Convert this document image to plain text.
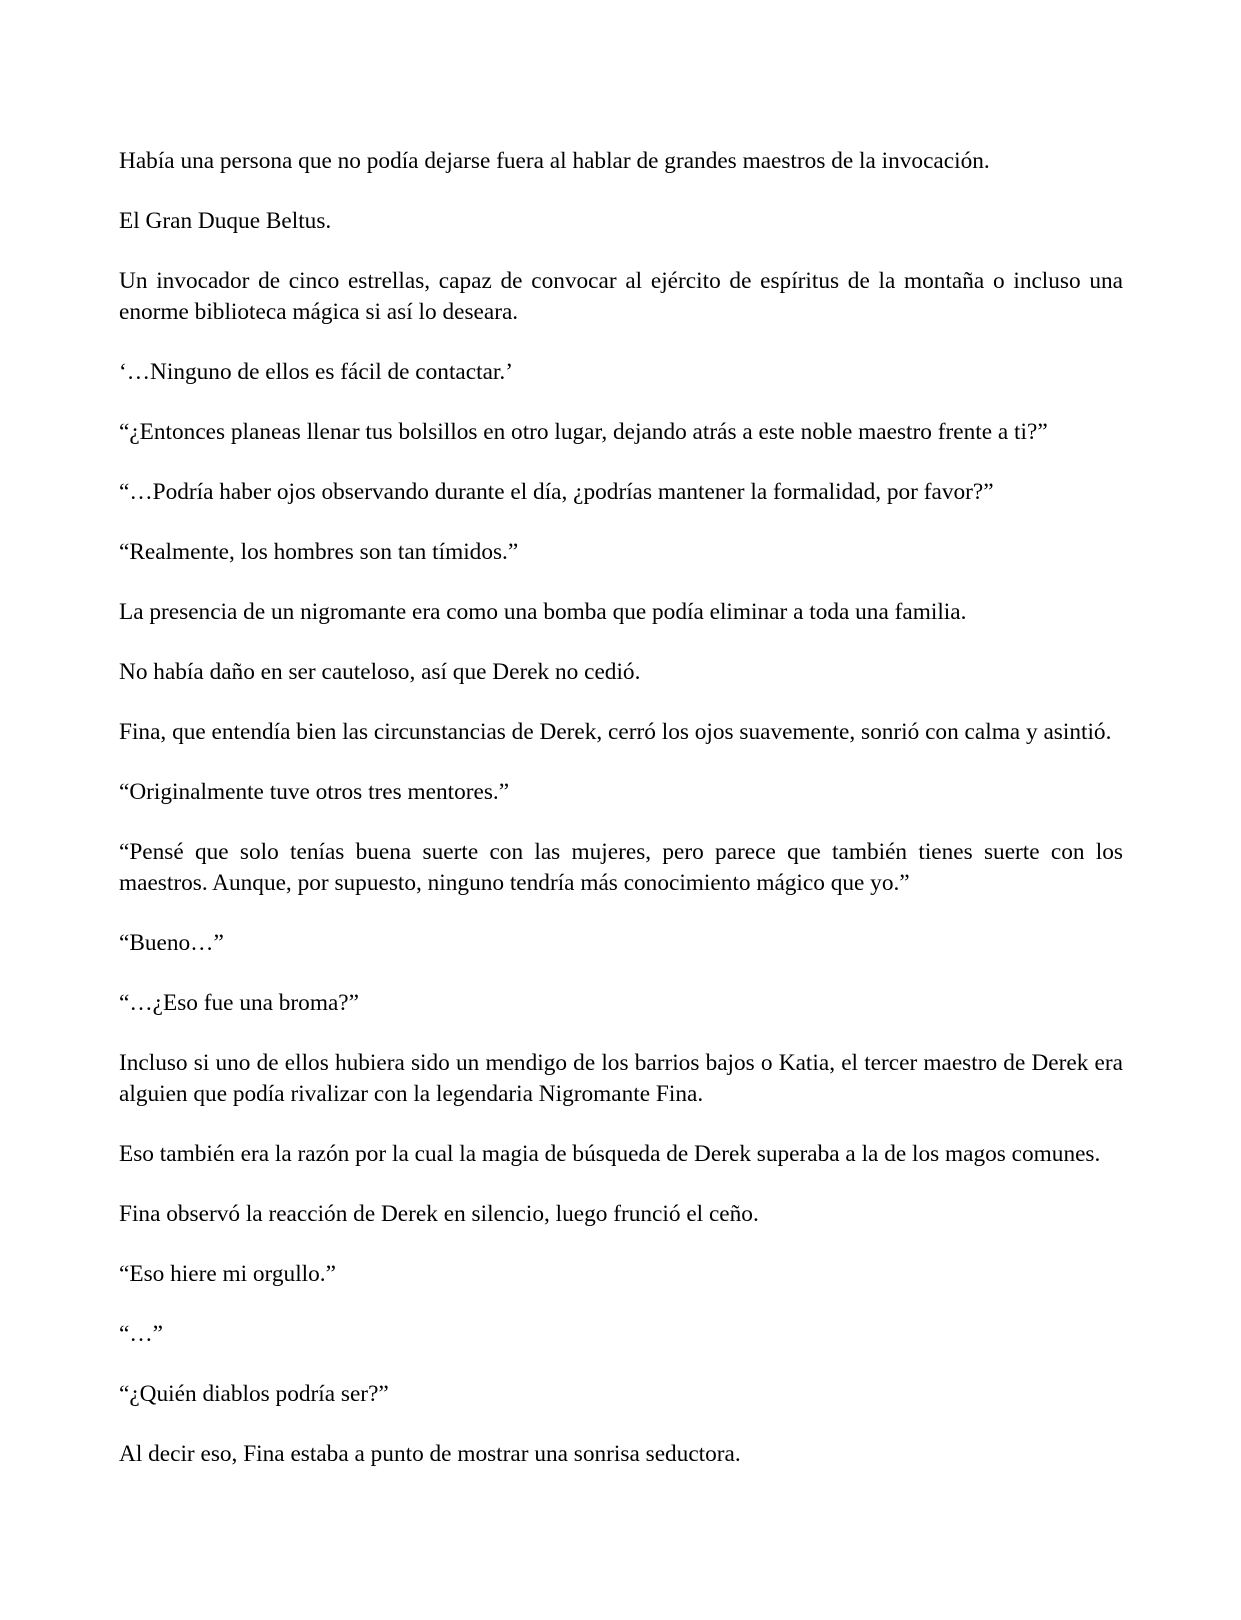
Había una persona que no podía dejarse fuera al hablar de grandes maestros de la invocación.

El Gran Duque Beltus.

Un invocador de cinco estrellas, capaz de convocar al ejército de espíritus de la montaña o incluso una enorme biblioteca mágica si así lo deseara.

‘…Ninguno de ellos es fácil de contactar.’

“¿Entonces planeas llenar tus bolsillos en otro lugar, dejando atrás a este noble maestro frente a ti?”

“…Podría haber ojos observando durante el día, ¿podrías mantener la formalidad, por favor?”

“Realmente, los hombres son tan tímidos.”

La presencia de un nigromante era como una bomba que podía eliminar a toda una familia.

No había daño en ser cauteloso, así que Derek no cedió.

Fina, que entendía bien las circunstancias de Derek, cerró los ojos suavemente, sonrió con calma y asintió.

“Originalmente tuve otros tres mentores.”

“Pensé que solo tenías buena suerte con las mujeres, pero parece que también tienes suerte con los maestros. Aunque, por supuesto, ninguno tendría más conocimiento mágico que yo.”

“Bueno…”

“…¿Eso fue una broma?”

Incluso si uno de ellos hubiera sido un mendigo de los barrios bajos o Katia, el tercer maestro de Derek era alguien que podía rivalizar con la legendaria Nigromante Fina.

Eso también era la razón por la cual la magia de búsqueda de Derek superaba a la de los magos comunes.

Fina observó la reacción de Derek en silencio, luego frunció el ceño.

“Eso hiere mi orgullo.”

“…”

“¿Quién diablos podría ser?”

Al decir eso, Fina estaba a punto de mostrar una sonrisa seductora.
